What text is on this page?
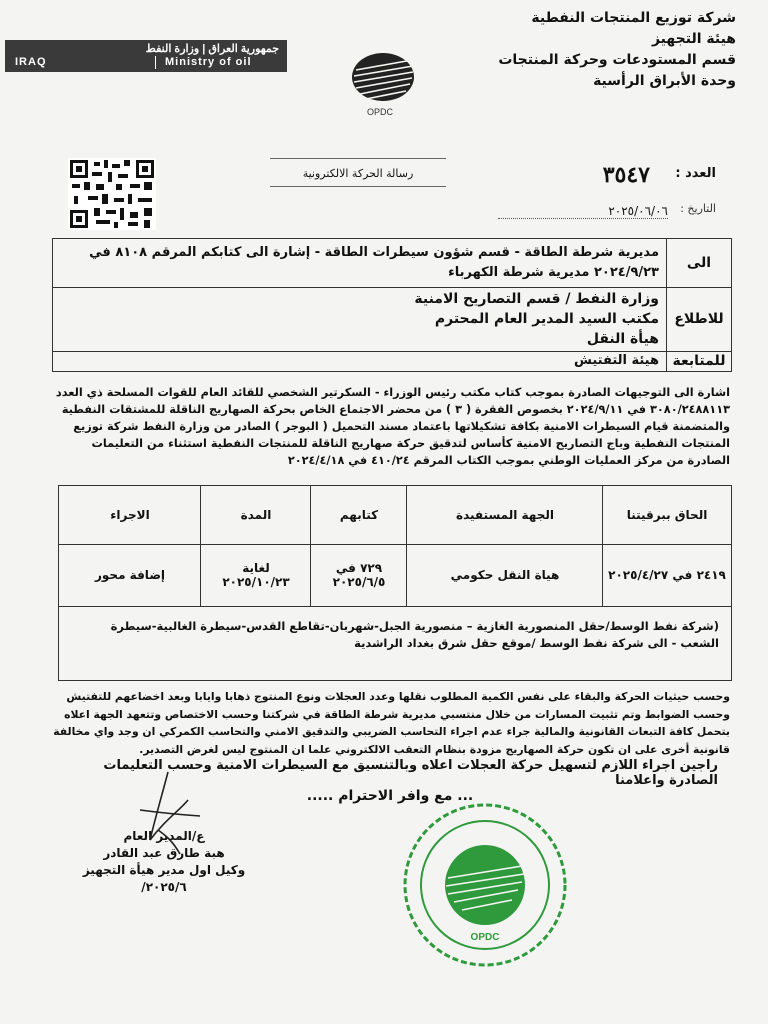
جمهورية العراق | وزارة النفط
IRAQ	Ministry of oil
شركة توزيع المنتجات النفطية
هيئة التجهيز
قسم المستودعات وحركة المنتجات
وحدة الأبراق الرأسية
OPDC
رسالة الحركة الالكترونية	العدد :
٣٥٤٧
التاريخ :
٢٠٢٥/٠٦/٠٦
الى
مديرية شرطة الطاقة - قسم شؤون سيطرات الطاقة - إشارة الى كتابكم المرقم ٨١٠٨ في ٢٠٢٤/٩/٢٣ مديرية شرطة الكهرباء
للاطلاع
وزارة النفط / قسم التصاريح الامنية
مكتب السيد المدير العام المحترم
هيأة النقل
للمتابعة
هيئة التفتيش
اشارة الى التوجيهات الصادرة بموجب كتاب مكتب رئيس الوزراء - السكرتير الشخصي للقائد العام للقوات المسلحة ذي العدد ٣٠٨٠/٢٤٨٨١١٣ في ٢٠٢٤/٩/١١ بخصوص الفقرة ( ٣ ) من محضر الاجتماع الخاص بحركة الصهاريج الناقلة للمشتقات النفطية والمتضمنة قيام السيطرات الامنية بكافة تشكيلاتها باعتماد مسند التحميل ( البوجر ) الصادر من وزارة النفط شركة توزيع المنتجات النفطية وباج التصاريح الامنية كأساس لتدقيق حركة صهاريج الناقلة للمنتجات النفطية استثناء من التعليمات الصادرة من مركز العمليات الوطني بموجب الكتاب المرقم ٤١٠/٢٤ في ٢٠٢٤/٤/١٨
الحاق ببرقيتنا
الجهة المستفيدة
كتابهم
المدة
الاجراء
٢٤١٩ في ٢٠٢٥/٤/٢٧
هياة النقل حكومي
٧٢٩ في ٢٠٢٥/٦/٥
لغاية ٢٠٢٥/١٠/٢٣
إضافة محور
(شركة نفط الوسط/حقل المنصورية الغازية – منصورية الجبل-شهربان-تقاطع القدس-سيطرة الغالبية-سيطرة الشعب - الى شركة نفط الوسط /موقع حقل شرق بغداد الراشدية
وحسب حيثيات الحركة والبقاء على نفس الكمية المطلوب نقلها وعدد العجلات ونوع المنتوج ذهابا وايابا وبعد اخضاعهم للتفتيش وحسب الضوابط وتم تثبيت المسارات من خلال منتسبي مديرية شرطة الطاقة في شركتنا وحسب الاختصاص وتتعهد الجهة اعلاه بتحمل كافة التبعات القانونية والمالية جراء عدم اجراء التحاسب الضريبي والتدقيق الامني والتحاسب الكمركي ان وجد واي مخالفة قانونية أخرى على ان تكون حركة الصهاريج مزودة بنظام التعقب الالكتروني علما ان المنتوج ليس لغرض التصدير.
راجين اجراء اللازم لتسهيل حركة العجلات اعلاه وبالتنسيق مع السيطرات الامنية وحسب التعليمات الصادرة واعلامنا
..... مع وافر الاحترام ...
ع/المدير العام
هبة طارق عبد القادر
وكيل اول مدير هيأة التجهيز
٢٠٢٥/٦/
OPDC
